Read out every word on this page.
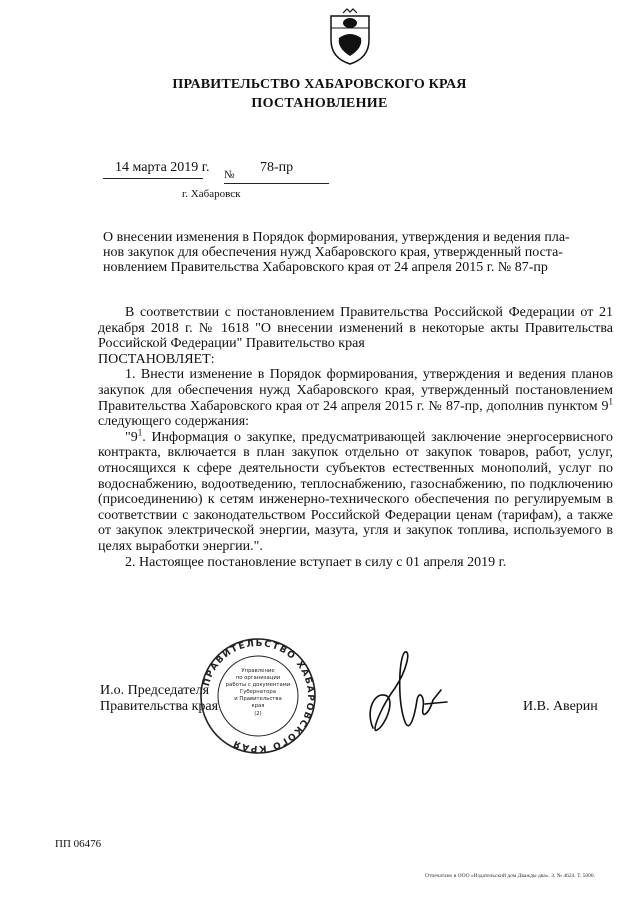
ПРАВИТЕЛЬСТВО ХАБАРОВСКОГО КРАЯ
ПОСТАНОВЛЕНИЕ
14 марта 2019 г. № 78-пр
г. Хабаровск
О внесении изменения в Порядок формирования, утверждения и ведения пла-
нов закупок для обеспечения нужд Хабаровского края, утвержденный поста-
новлением Правительства Хабаровского края от 24 апреля 2015 г. № 87-пр
В соответствии с постановлением Правительства Российской Федерации от 21 декабря 2018 г. № 1618 "О внесении изменений в некоторые акты Правительства Российской Федерации" Правительство края
ПОСТАНОВЛЯЕТ:
1. Внести изменение в Порядок формирования, утверждения и ведения планов закупок для обеспечения нужд Хабаровского края, утвержденный постановлением Правительства Хабаровского края от 24 апреля 2015 г. № 87-пр, дополнив пунктом $9^1$ следующего содержания:
"$9^1$. Информация о закупке, предусматривающей заключение энергосервисного контракта, включается в план закупок отдельно от закупок товаров, работ, услуг, относящихся к сфере деятельности субъектов естественных монополий, услуг по водоснабжению, водоотведению, теплоснабжению, газоснабжению, по подключению (присоединению) к сетям инженерно-технического обеспечения по регулируемым в соответствии с законодательством Российской Федерации ценам (тарифам), а также от закупок электрической энергии, мазута, угля и закупок топлива, используемого в целях выработки энергии.".
2. Настоящее постановление вступает в силу с 01 апреля 2019 г.
И.о. Председателя
Правительства края
ПРАВИТЕЛЬСТВО ХАБАРОВСКОГО КРАЯ
Управление
по организации
работы с документами
Губернатора
и Правительства
края
(2)	И.В. Аверин
ПП 06476
Отпечатано в ООО «Издательский дом Дважды два». З. № 4624. Т. 5000.
